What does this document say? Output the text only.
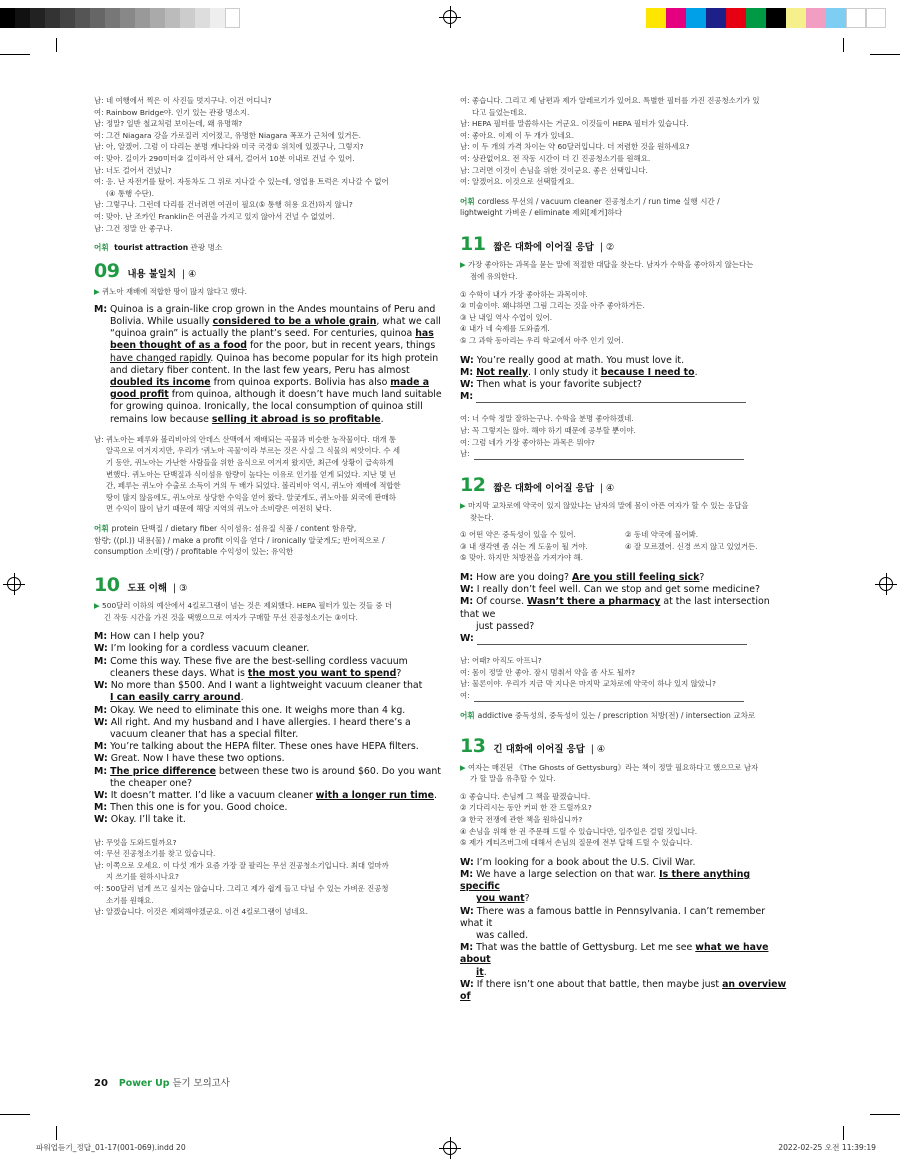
남: 네 여행에서 찍은 이 사진들 멋지구나. 이건 어디니?
여: Rainbow Bridge야. 인기 있는 관광 명소지.
남: 정말? 일반 철교처럼 보이는데, 왜 유명해?
여: 그건 Niagara 강을 가로질러 지어졌고, 유명한 Niagara 폭포가 근처에 있거든.
남: 아, 알겠어. 그럼 이 다리는 분명 캐나다와 미국 국경① 위치에 있겠구나, 그렇지?
여: 맞아. 길이가 290미터② 길이라서 안 돼서, 걸어서 10분 이내로 건널 수 있어.
남: 너도 걸어서 건넜니?
여: 응. 난 자전거를 탔어. 자동차도 그 위로 지나갈 수 있는데, 영업용 트럭은 지나갈 수 없어
(④ 통행 수단).
남: 그렇구나. 그런데 다리를 건너려면 여권이 필요(⑤ 통행 허용 요건)하지 않니?
여: 맞아. 난 조카인 Franklin은 여권을 가지고 있지 않아서 건널 수 없었어.
남: 그건 정말 안 좋구나.
어휘 tourist attraction 관광 명소
09 내용 불일치 | ④
▶ 퀴노아 재배에 적합한 땅이 많지 않다고 했다.
M: Quinoa is a grain-like crop grown in the Andes mountains of Peru and
Bolivia. While usually considered to be a whole grain, what we call
“quinoa grain” is actually the plant’s seed. For centuries, quinoa has
been thought of as a food for the poor, but in recent years, things
have changed rapidly. Quinoa has become popular for its high protein
and dietary fiber content. In the last few years, Peru has almost
doubled its income from quinoa exports. Bolivia has also made a
good profit from quinoa, although it doesn’t have much land suitable
for growing quinoa. Ironically, the local consumption of quinoa still
remains low because selling it abroad is so profitable.
남: 퀴노아는 페루와 볼리비아의 안데스 산맥에서 재배되는 곡물과 비슷한 농작물이다. 대개 통
알곡으로 여겨지지만, 우리가 '퀴노아 곡물'이라 부르는 것은 사실 그 식물의 씨앗이다. 수 세
기 동안, 퀴노아는 가난한 사람들을 위한 음식으로 여겨져 왔지만, 최근에 상황이 급속하게
변했다. 퀴노아는 단백질과 식이섬유 함량이 높다는 이유로 인기를 얻게 되었다. 지난 몇 년
간, 페루는 퀴노아 수출로 소득이 거의 두 배가 되었다. 볼리비아 역시, 퀴노아 재배에 적합한
땅이 많지 않음에도, 퀴노아로 상당한 수익을 얻어 왔다. 알궂게도, 퀴노아를 외국에 판매하
면 수익이 많이 남기 때문에 해당 지역의 퀴노아 소비량은 여전히 낮다.
어휘 protein 단백질 / dietary fiber 식이섬유: 섬유질 식품 / content 함유량,
함량; ((pl.)) 내용(물) / make a profit 이익을 얻다 / ironically 알궂게도; 반어적으로 /
consumption 소비(량) / profitable 수익성이 있는; 유익한
10 도표 이해 | ③
▶ 500달러 이하의 예산에서 4킬로그램이 넘는 것은 제외했다. HEPA 필터가 있는 것들 중 더
긴 작동 시간을 가진 것을 택했으므로 여자가 구매할 무선 진공청소기는 ③이다.
M: How can I help you?
W: I’m looking for a cordless vacuum cleaner.
M: Come this way. These five are the best-selling cordless vacuum
cleaners these days. What is the most you want to spend?
W: No more than $500. And I want a lightweight vacuum cleaner that
I can easily carry around.
M: Okay. We need to eliminate this one. It weighs more than 4 kg.
W: All right. And my husband and I have allergies. I heard there’s a
vacuum cleaner that has a special filter.
M: You’re talking about the HEPA filter. These ones have HEPA filters.
W: Great. Now I have these two options.
M: The price difference between these two is around $60. Do you want
the cheaper one?
W: It doesn’t matter. I’d like a vacuum cleaner with a longer run time.
M: Then this one is for you. Good choice.
W: Okay. I’ll take it.
남: 무엇을 도와드릴까요?
여: 무선 진공청소기를 찾고 있습니다.
남: 이쪽으로 오세요. 이 다섯 개가 요즘 가장 잘 팔리는 무선 진공청소기입니다. 최대 얼마까
지 쓰기를 원하시나요?
여: 500달러 넘게 쓰고 싶지는 않습니다. 그리고 제가 쉽게 들고 다닐 수 있는 가벼운 진공청
소기를 원해요.
남: 알겠습니다. 이것은 제외해야겠군요. 이건 4킬로그램이 넘네요.
여: 좋습니다. 그리고 제 남편과 제가 알레르기가 있어요. 특별한 필터를 가진 진공청소기가 있
다고 들었는데요.
남: HEPA 필터를 말씀하시는 거군요. 이것들이 HEPA 필터가 있습니다.
여: 좋아요. 이제 이 두 개가 있네요.
남: 이 두 개의 가격 차이는 약 60달러입니다. 더 저렴한 것을 원하세요?
여: 상관없어요. 전 작동 시간이 더 긴 진공청소기를 원해요.
남: 그러면 이것이 손님을 위한 것이군요. 좋은 선택입니다.
여: 알겠어요. 이것으로 선택할게요.
어휘 cordless 무선의 / vacuum cleaner 진공청소기 / run time 실행 시간 /
lightweight 가벼운 / eliminate 제외[제거]하다
11 짧은 대화에 이어질 응답 | ②
▶ 가장 좋아하는 과목을 묻는 말에 적절한 대답을 찾는다. 남자가 수학을 좋아하지 않는다는
점에 유의한다.
① 수학이 내가 가장 좋아하는 과목이야.
② 미술이야. 왜냐하면 그림 그리는 것을 아주 좋아하거든.
③ 난 내일 역사 수업이 있어.
④ 내가 네 숙제를 도와줄게.
⑤ 그 과학 동아리는 우리 학교에서 아주 인기 있어.
W: You’re really good at math. You must love it.
M: Not really. I only study it because I need to.
W: Then what is your favorite subject?
M:
여: 너 수학 정말 잘하는구나. 수학을 분명 좋아하겠네.
남: 꼭 그렇지는 않아. 해야 하기 때문에 공부할 뿐이야.
여: 그럼 네가 가장 좋아하는 과목은 뭐야?
남:
12 짧은 대화에 이어질 응답 | ④
▶ 마지막 교차로에 약국이 있지 않았냐는 남자의 말에 몸이 아픈 여자가 할 수 있는 응답을
찾는다.
① 어떤 약은 중독성이 있을 수 있어.	② 동네 약국에 물어봐.
③ 내 생각엔 좀 쉬는 게 도움이 될 거야.	④ 잘 모르겠어. 신경 쓰지 않고 있었거든.
⑤ 맞아. 하지만 처방전을 가져가야 해.
M: How are you doing? Are you still feeling sick?
W: I really don’t feel well. Can we stop and get some medicine?
M: Of course. Wasn’t there a pharmacy at the last intersection that we
just passed?
W:
남: 어때? 아직도 아프니?
여: 몸이 정말 안 좋아. 잠시 멈춰서 약을 좀 사도 될까?
남: 물론이야. 우리가 지금 막 지나온 마지막 교차로에 약국이 하나 있지 않았니?
여:
어휘 addictive 중독성의, 중독성이 있는 / prescription 처방(전) / intersection 교차로
13 긴 대화에 이어질 응답 | ④
▶ 여자는 매진된 《The Ghosts of Gettysburg》라는 책이 정말 필요하다고 했으므로 남자
가 할 말을 유추할 수 있다.
① 좋습니다. 손님께 그 책을 팔겠습니다.
② 기다리시는 동안 커피 한 잔 드릴까요?
③ 한국 전쟁에 관한 책을 원하십니까?
④ 손님을 위해 한 권 주문해 드릴 수 있습니다만, 일주일은 걸릴 것입니다.
⑤ 제가 게티즈버그에 대해서 손님의 질문에 전부 답해 드릴 수 있습니다.
W: I’m looking for a book about the U.S. Civil War.
M: We have a large selection on that war. Is there anything specific
you want?
W: There was a famous battle in Pennsylvania. I can’t remember what it
was called.
M: That was the battle of Gettysburg. Let me see what we have about
it.
W: If there isn’t one about that battle, then maybe just an overview of
20 Power Up 듣기 모의고사
파워업듣기_정답_01-17(001-069).indd 20	2022-02-25 오전 11:39:19
